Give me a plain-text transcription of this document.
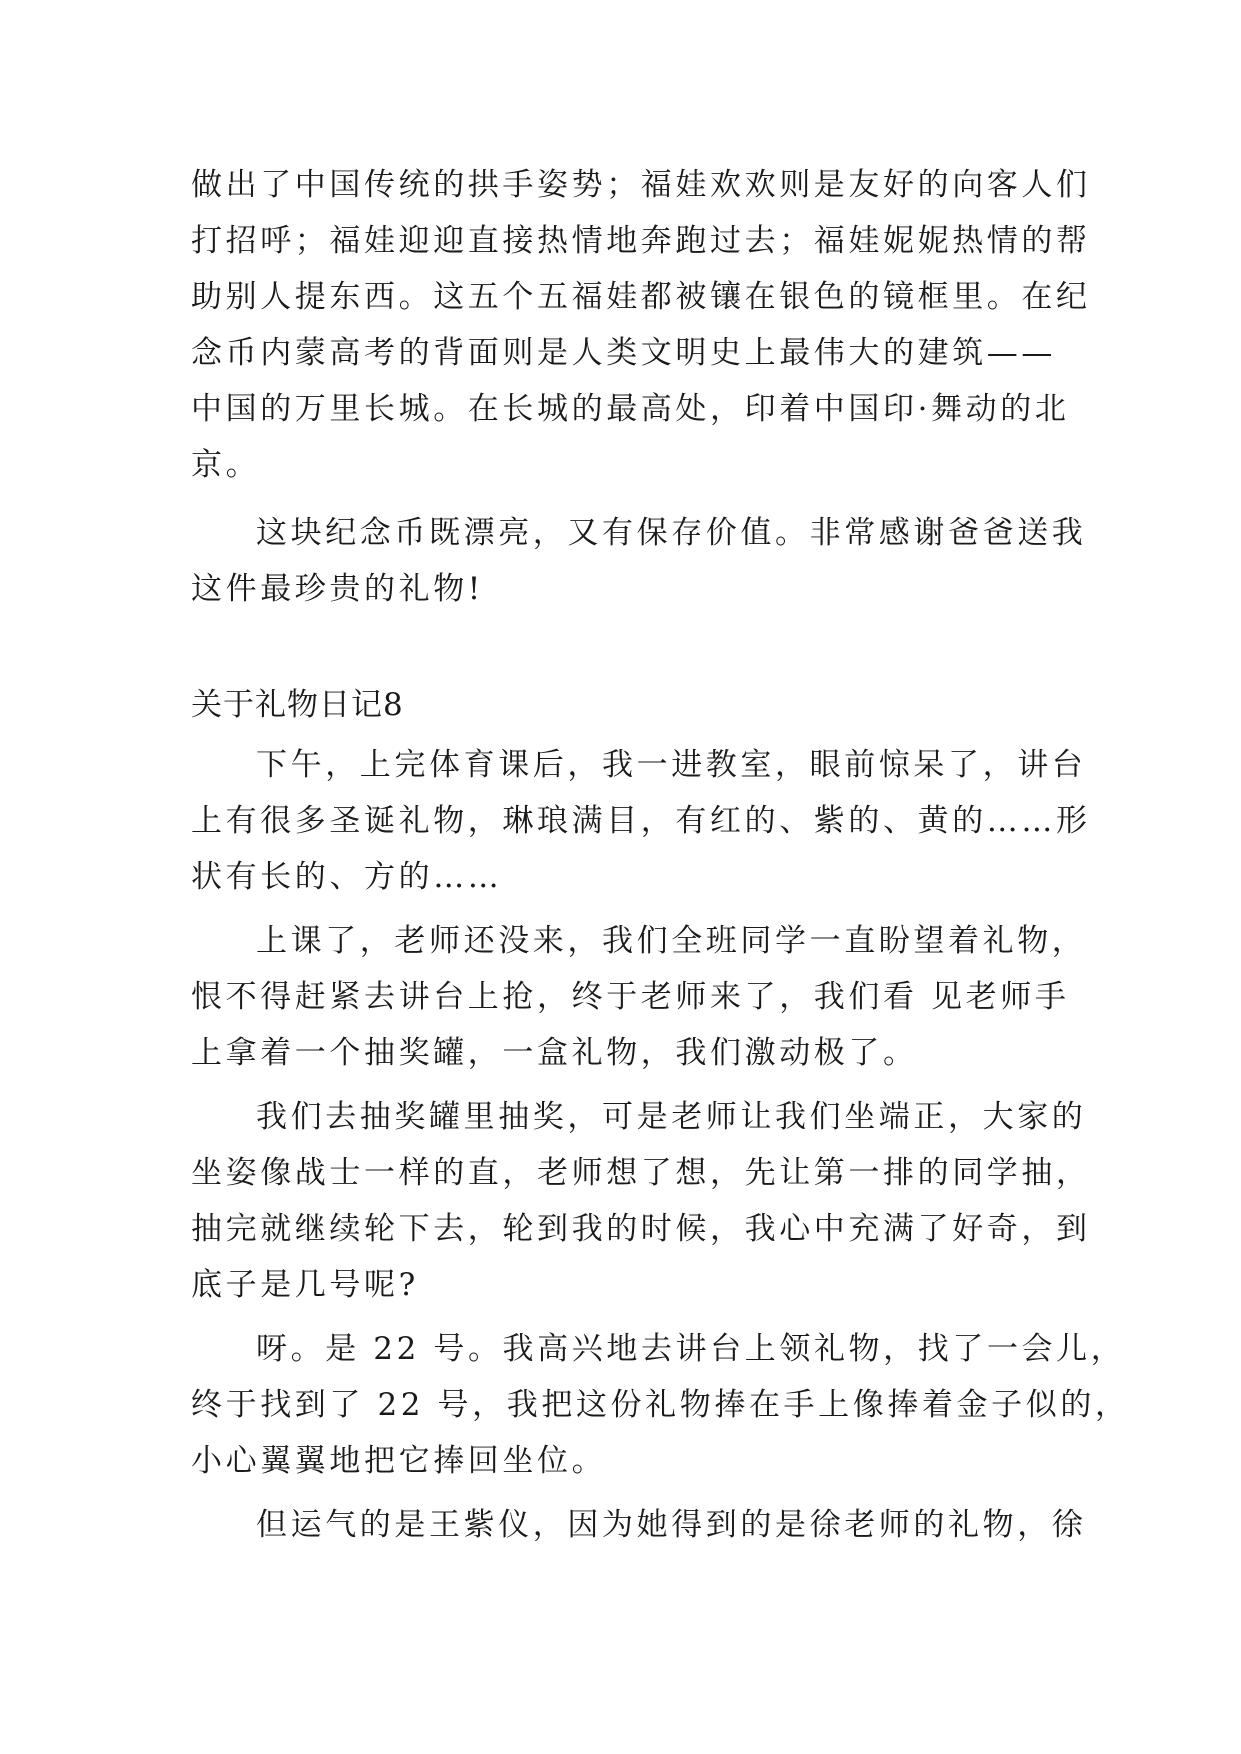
做出了中国传统的拱手姿势；福娃欢欢则是友好的向客人们
打招呼；福娃迎迎直接热情地奔跑过去；福娃妮妮热情的帮
助别人提东西。这五个五福娃都被镶在银色的镜框里。在纪
念币内蒙高考的背面则是人类文明史上最伟大的建筑——
中国的万里长城。在长城的最高处，印着中国印·舞动的北
京。
这块纪念币既漂亮，又有保存价值。非常感谢爸爸送我
这件最珍贵的礼物!
关于礼物日记8
下午，上完体育课后，我一进教室，眼前惊呆了，讲台
上有很多圣诞礼物，琳琅满目，有红的、紫的、黄的……形
状有长的、方的……
上课了，老师还没来，我们全班同学一直盼望着礼物，
恨不得赶紧去讲台上抢，终于老师来了，我们看 见老师手
上拿着一个抽奖罐，一盒礼物，我们激动极了。
我们去抽奖罐里抽奖，可是老师让我们坐端正，大家的
坐姿像战士一样的直，老师想了想，先让第一排的同学抽，
抽完就继续轮下去，轮到我的时候，我心中充满了好奇，到
底子是几号呢?
呀。是 22 号。我高兴地去讲台上领礼物，找了一会儿，
终于找到了 22 号，我把这份礼物捧在手上像捧着金子似的，
小心翼翼地把它捧回坐位。
但运气的是王紫仪，因为她得到的是徐老师的礼物，徐
